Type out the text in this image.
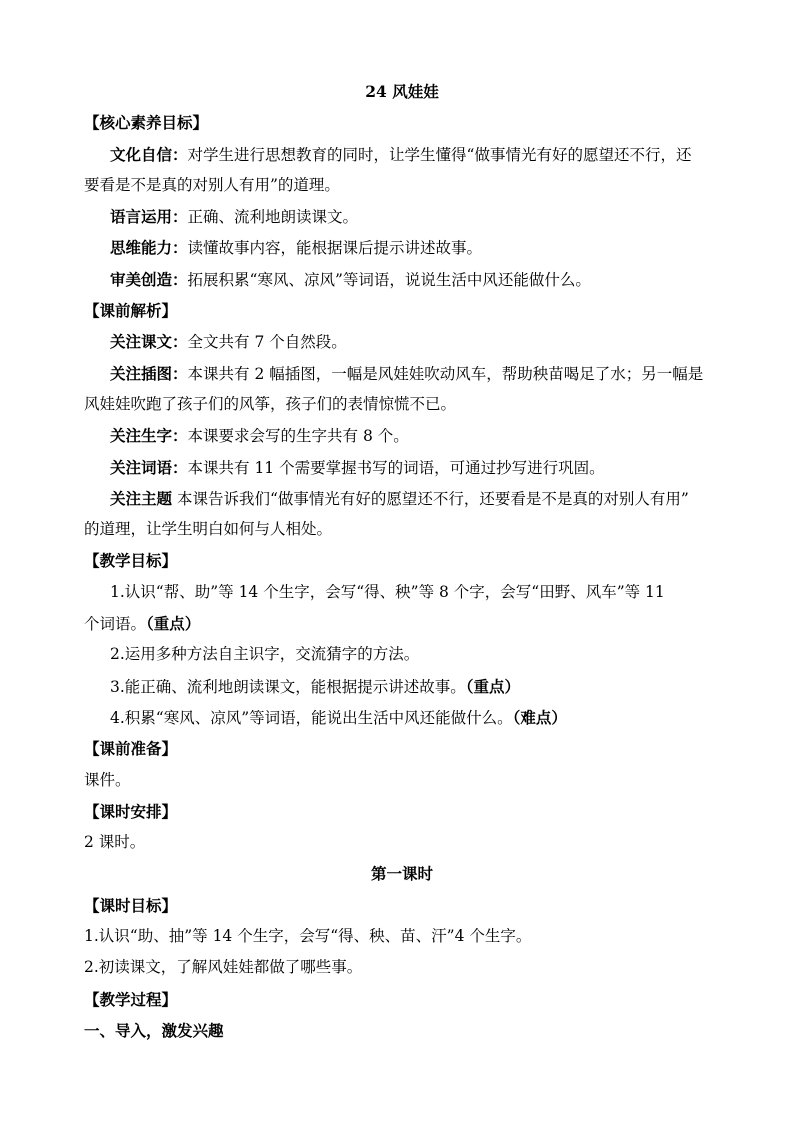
24 风娃娃
【核心素养目标】
文化自信：对学生进行思想教育的同时，让学生懂得“做事情光有好的愿望还不行，还
要看是不是真的对别人有用”的道理。
语言运用：正确、流利地朗读课文。
思维能力：读懂故事内容，能根据课后提示讲述故事。
审美创造：拓展积累“寒风、凉风”等词语，说说生活中风还能做什么。
【课前解析】
关注课文：全文共有 7 个自然段。
关注插图：本课共有 2 幅插图，一幅是风娃娃吹动风车，帮助秧苗喝足了水；另一幅是
风娃娃吹跑了孩子们的风筝，孩子们的表情惊慌不已。
关注生字：本课要求会写的生字共有 8 个。
关注词语：本课共有 11 个需要掌握书写的词语，可通过抄写进行巩固。
关注主题 本课告诉我们“做事情光有好的愿望还不行，还要看是不是真的对别人有用”
的道理，让学生明白如何与人相处。
【教学目标】
1.认识“帮、助”等 14 个生字，会写“得、秧”等 8 个字，会写“田野、风车”等 11
个词语。（重点）
2.运用多种方法自主识字，交流猜字的方法。
3.能正确、流利地朗读课文，能根据提示讲述故事。（重点）
4.积累“寒风、凉风”等词语，能说出生活中风还能做什么。（难点）
【课前准备】
课件。
【课时安排】
2 课时。
第一课时
【课时目标】
1.认识“助、抽”等 14 个生字，会写“得、秧、苗、汗”4 个生字。
2.初读课文，了解风娃娃都做了哪些事。
【教学过程】
一、导入，激发兴趣
